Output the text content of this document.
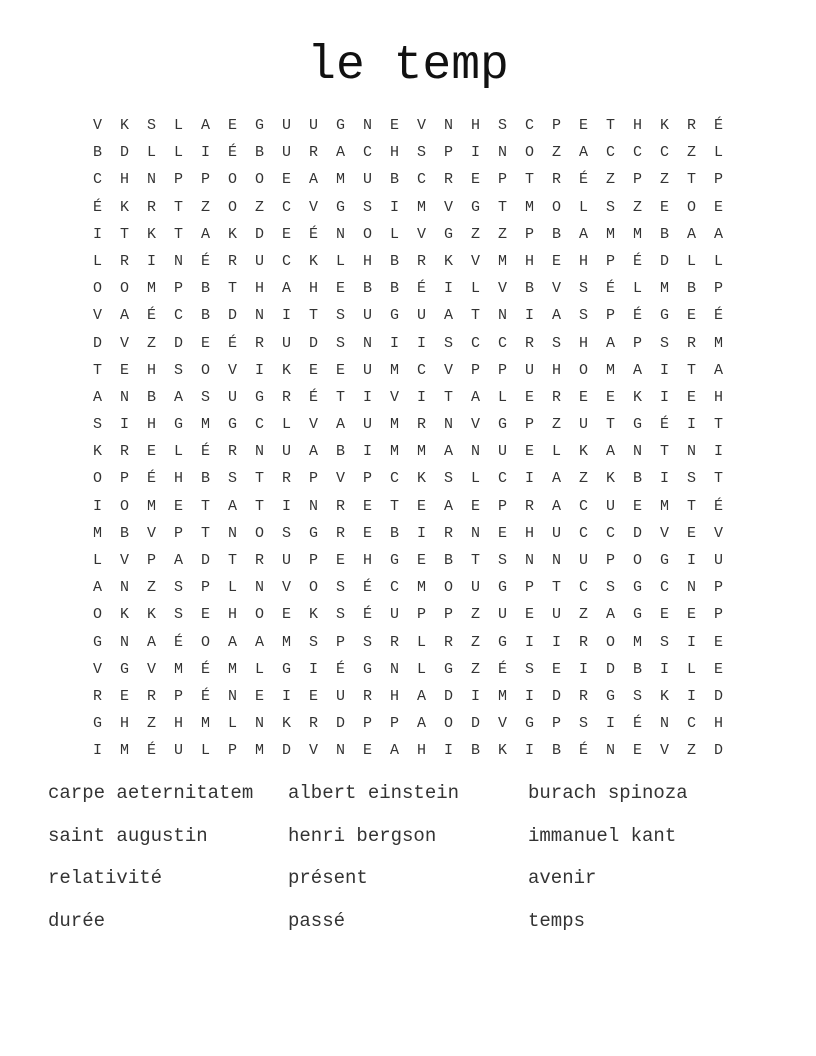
le temp
V	K	S	L	A	E	G	U	U	G	N	E	V	N	H	S	C	P	E	T	H	K	R	É
B	D	L	L	I	É	B	U	R	A	C	H	S	P	I	N	O	Z	A	C	C	C	Z	L
C	H	N	P	P	O	O	E	A	M	U	B	C	R	E	P	T	R	É	Z	P	Z	T	P
É	K	R	T	Z	O	Z	C	V	G	S	I	M	V	G	T	M	O	L	S	Z	E	O	E
I	T	K	T	A	K	D	E	É	N	O	L	V	G	Z	Z	P	B	A	M	M	B	A	A
L	R	I	N	É	R	U	C	K	L	H	B	R	K	V	M	H	E	H	P	É	D	L	L
O	O	M	P	B	T	H	A	H	E	B	B	É	I	L	V	B	V	S	É	L	M	B	P
V	A	É	C	B	D	N	I	T	S	U	G	U	A	T	N	I	A	S	P	É	G	E	É
D	V	Z	D	E	É	R	U	D	S	N	I	I	S	C	C	R	S	H	A	P	S	R	M
T	E	H	S	O	V	I	K	E	E	U	M	C	V	P	P	U	H	O	M	A	I	T	A
A	N	B	A	S	U	G	R	É	T	I	V	I	T	A	L	E	R	E	E	K	I	E	H
S	I	H	G	M	G	C	L	V	A	U	M	R	N	V	G	P	Z	U	T	G	É	I	T
K	R	E	L	É	R	N	U	A	B	I	M	M	A	N	U	E	L	K	A	N	T	N	I
O	P	É	H	B	S	T	R	P	V	P	C	K	S	L	C	I	A	Z	K	B	I	S	T
I	O	M	E	T	A	T	I	N	R	E	T	E	A	E	P	R	A	C	U	E	M	T	É
M	B	V	P	T	N	O	S	G	R	E	B	I	R	N	E	H	U	C	C	D	V	E	V
L	V	P	A	D	T	R	U	P	E	H	G	E	B	T	S	N	N	U	P	O	G	I	U
A	N	Z	S	P	L	N	V	O	S	É	C	M	O	U	G	P	T	C	S	G	C	N	P
O	K	K	S	E	H	O	E	K	S	É	U	P	P	Z	U	E	U	Z	A	G	E	E	P
G	N	A	É	O	A	A	M	S	P	S	R	L	R	Z	G	I	I	R	O	M	S	I	E
V	G	V	M	É	M	L	G	I	É	G	N	L	G	Z	É	S	E	I	D	B	I	L	E
R	E	R	P	É	N	E	I	E	U	R	H	A	D	I	M	I	D	R	G	S	K	I	D
G	H	Z	H	M	L	N	K	R	D	P	P	A	O	D	V	G	P	S	I	É	N	C	H
I	M	É	U	L	P	M	D	V	N	E	A	H	I	B	K	I	B	É	N	E	V	Z	D
carpe aeternitatem	albert einstein	burach spinoza
saint augustin	henri bergson	immanuel kant
relativité	présent	avenir
durée	passé	temps
